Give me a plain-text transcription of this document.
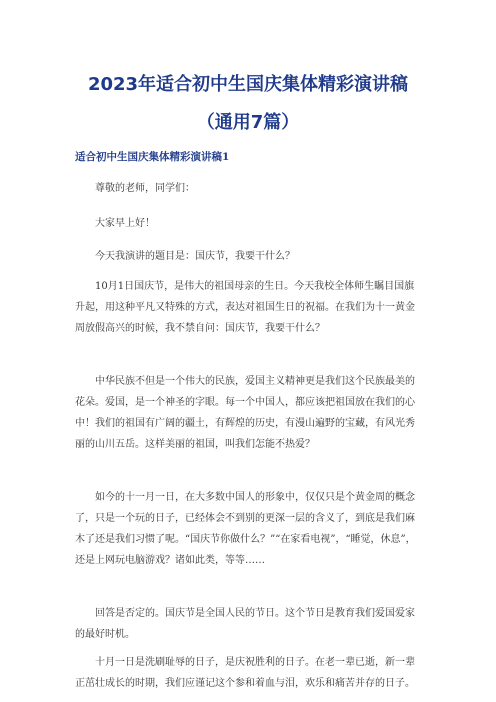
2023年适合初中生国庆集体精彩演讲稿
（通用7篇）
适合初中生国庆集体精彩演讲稿1

尊敬的老师，同学们：

大家早上好！

今天我演讲的题目是：国庆节，我要干什么？

10月1日国庆节，是伟大的祖国母亲的生日。今天我校全体师生瞩目国旗升起，用这种平凡又特殊的方式，表达对祖国生日的祝福。在我们为十一黄金周放假高兴的时候，我不禁自问：国庆节，我要干什么？

中华民族不但是一个伟大的民族，爱国主义精神更是我们这个民族最美的花朵。爱国，是一个神圣的字眼。每一个中国人，都应该把祖国放在我们的心中！我们的祖国有广阔的疆土，有辉煌的历史，有漫山遍野的宝藏，有风光秀丽的山川五岳。这样美丽的祖国，叫我们怎能不热爱？

如今的十一月一日，在大多数中国人的形象中，仅仅只是个黄金周的概念了，只是一个玩的日子，已经体会不到别的更深一层的含义了，到底是我们麻木了还是我们习惯了呢。“国庆节你做什么？”“在家看电视”，“睡觉，休息”，还是上网玩电脑游戏？诸如此类，等等……

回答是否定的。国庆节是全国人民的节日。这个节日是教育我们爱国爱家的最好时机。

十月一日是洗刷耻辱的日子，是庆祝胜利的日子。在老一辈已逝，新一辈正茁壮成长的时期，我们应谨记这个参和着血与泪，欢乐和痛苦并存的日子。
